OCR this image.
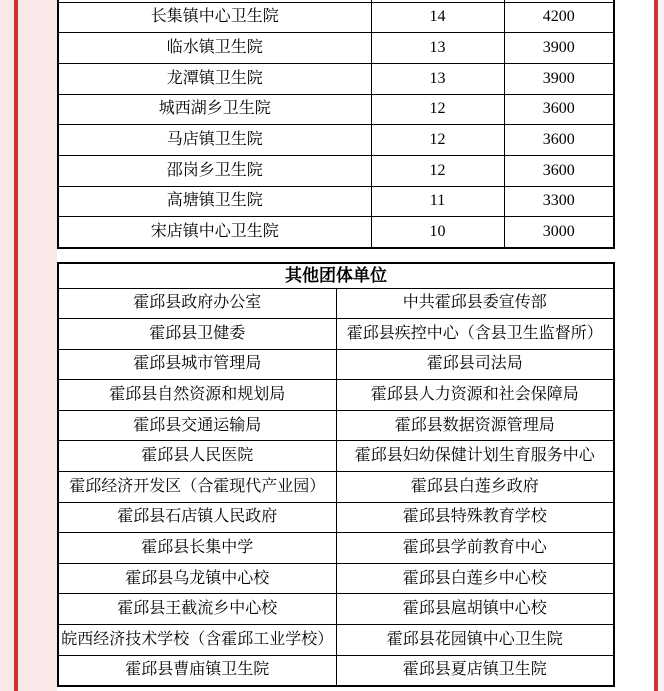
长集镇中心卫生院	14	4200
临水镇卫生院	13	3900
龙潭镇卫生院	13	3900
城西湖乡卫生院	12	3600
马店镇卫生院	12	3600
邵岗乡卫生院	12	3600
高塘镇卫生院	11	3300
宋店镇中心卫生院	10	3000
其他团体单位	
霍邱县政府办公室	中共霍邱县委宣传部
霍邱县卫健委	霍邱县疾控中心（含县卫生监督所）
霍邱县城市管理局	霍邱县司法局
霍邱县自然资源和规划局	霍邱县人力资源和社会保障局
霍邱县交通运输局	霍邱县数据资源管理局
霍邱县人民医院	霍邱县妇幼保健计划生育服务中心
霍邱经济开发区（合霍现代产业园）	霍邱县白莲乡政府
霍邱县石店镇人民政府	霍邱县特殊教育学校
霍邱县长集中学	霍邱县学前教育中心
霍邱县乌龙镇中心校	霍邱县白莲乡中心校
霍邱县王截流乡中心校	霍邱县扈胡镇中心校
皖西经济技术学校（含霍邱工业学校）	霍邱县花园镇中心卫生院
霍邱县曹庙镇卫生院	霍邱县夏店镇卫生院
